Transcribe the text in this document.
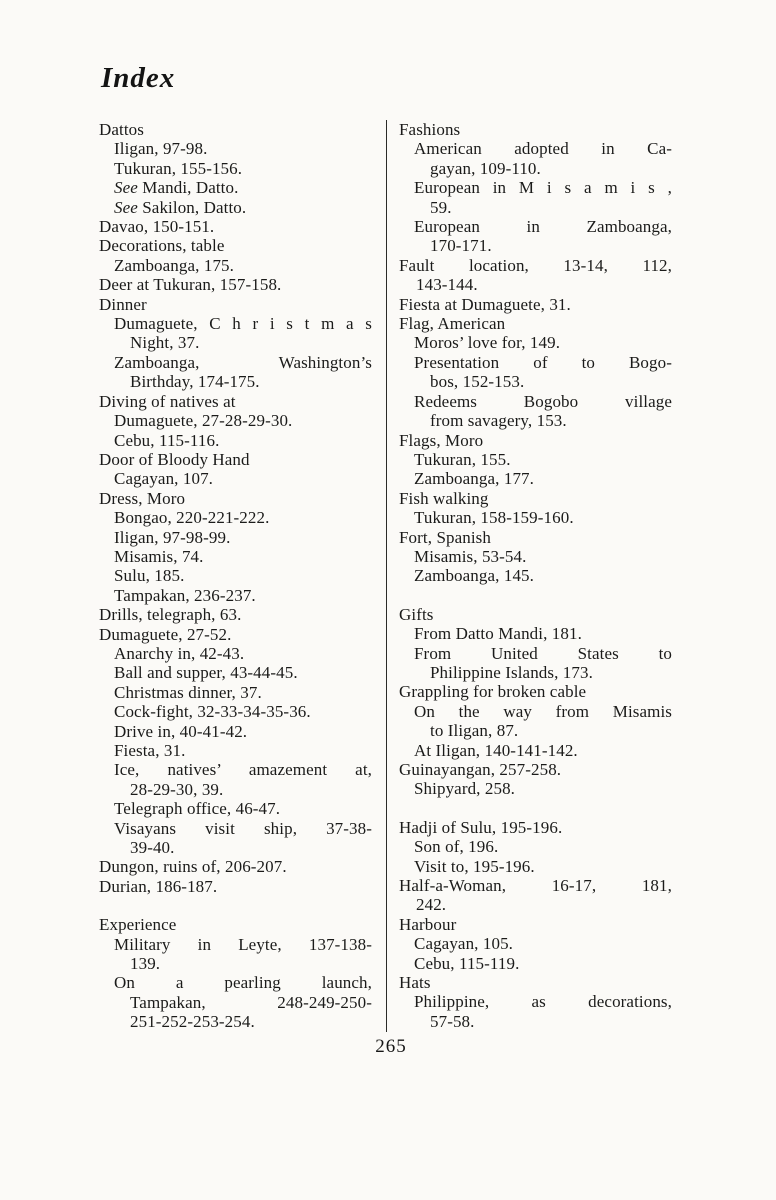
Index
Dattos
Iligan, 97-98.
Tukuran, 155-156.
See Mandi, Datto.
See Sakilon, Datto.
Davao, 150-151.
Decorations, table
Zamboanga, 175.
Deer at Tukuran, 157-158.
Dinner
Dumaguete, C h r i s t m a s
Night, 37.
Zamboanga, Washington’s
Birthday, 174-175.
Diving of natives at
Dumaguete, 27-28-29-30.
Cebu, 115-116.
Door of Bloody Hand
Cagayan, 107.
Dress, Moro
Bongao, 220-221-222.
Iligan, 97-98-99.
Misamis, 74.
Sulu, 185.
Tampakan, 236-237.
Drills, telegraph, 63.
Dumaguete, 27-52.
Anarchy in, 42-43.
Ball and supper, 43-44-45.
Christmas dinner, 37.
Cock-fight, 32-33-34-35-36.
Drive in, 40-41-42.
Fiesta, 31.
Ice, natives’ amazement at,
28-29-30, 39.
Telegraph office, 46-47.
Visayans visit ship, 37-38-
39-40.
Dungon, ruins of, 206-207.
Durian, 186-187.
Experience
Military in Leyte, 137-138-
139.
On a pearling launch,
Tampakan, 248-249-250-
251-252-253-254.
Fashions
American adopted in Ca-
gayan, 109-110.
European in M i s a m i s ,
59.
European in Zamboanga,
170-171.
Fault location, 13-14, 112,
143-144.
Fiesta at Dumaguete, 31.
Flag, American
Moros’ love for, 149.
Presentation of to Bogo-
bos, 152-153.
Redeems Bogobo village
from savagery, 153.
Flags, Moro
Tukuran, 155.
Zamboanga, 177.
Fish walking
Tukuran, 158-159-160.
Fort, Spanish
Misamis, 53-54.
Zamboanga, 145.
Gifts
From Datto Mandi, 181.
From United States to
Philippine Islands, 173.
Grappling for broken cable
On the way from Misamis
to Iligan, 87.
At Iligan, 140-141-142.
Guinayangan, 257-258.
Shipyard, 258.
Hadji of Sulu, 195-196.
Son of, 196.
Visit to, 195-196.
Half-a-Woman, 16-17, 181,
242.
Harbour
Cagayan, 105.
Cebu, 115-119.
Hats
Philippine, as decorations,
57-58.
265
